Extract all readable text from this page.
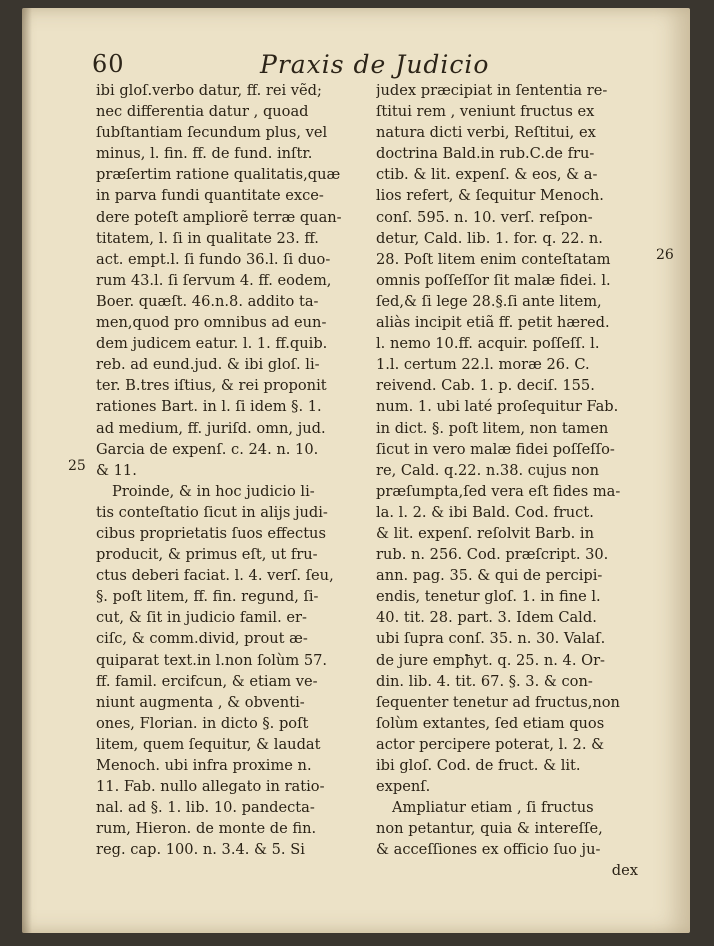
60	Praxis de Judicio
25
26
ibi gloſ.verbo datur, ff. rei vẽd;
nec differentia datur , quoad
ſubſtantiam ſecundum plus, vel
minus, l. fin. ff. de fund. inſtr.
præſertim ratione qualitatis,quæ
in parva fundi quantitate exce-
dere poteſt ampliorẽ terræ quan-
titatem, l. ſi in qualitate 23. ff.
act. empt.l. ſi fundo 36.l. ſi duo-
rum 43.l. ſi ſervum 4. ff. eodem,
Boer. quæſt. 46.n.8. addito ta-
men,quod pro omnibus ad eun-
dem judicem eatur. l. 1. ff.quib.
reb. ad eund.jud. & ibi gloſ. li-
ter. B.tres iſtius, & rei proponit
rationes Bart. in l. ſi idem §. 1.
ad medium, ff. juriſd. omn, jud.
Garcia de expenſ. c. 24. n. 10.
& 11.
Proinde, & in hoc judicio li-
tis conteſtatio ſicut in alijs judi-
cibus proprietatis ſuos effectus
producit, & primus eſt, ut fru-
ctus deberi faciat. l. 4. verſ. ſeu,
§. poſt litem, ff. fin. regund, ſi-
cut, & ſit in judicio famil. er-
ciſc, & comm.divid, prout æ-
quiparat text.in l.non ſolùm 57.
ff. famil. ercifcun, & etiam ve-
niunt augmenta , & obventi-
ones, Florian. in dicto §. poſt
litem, quem ſequitur, & laudat
Menoch. ubi infra proxime n.
11. Fab. nullo allegato in ratio-
nal. ad §. 1. lib. 10. pandecta-
rum, Hieron. de monte de fin.
reg. cap. 100. n. 3.4. & 5. Si
judex præcipiat in ſententia re-
ſtitui rem , veniunt fructus ex
natura dicti verbi, Reſtitui, ex
doctrina Bald.in rub.C.de fru-
ctib. & lit. expenſ. & eos, & a-
lios refert, & ſequitur Menoch.
conſ. 595. n. 10. verſ. reſpon-
detur, Cald. lib. 1. for. q. 22. n.
28. Poſt litem enim conteſtatam
omnis poſſeſſor ſit malæ fidei. l.
ſed,& ſi lege 28.§.ſi ante litem,
aliàs incipit etiã ff. petit hæred.
l. nemo 10.ff. acquir. poſſeſſ. l.
1.l. certum 22.l. moræ 26. C.
reivend. Cab. 1. p. deciſ. 155.
num. 1. ubi laté proſequitur Fab.
in dict. §. poſt litem, non tamen
ſicut in vero malæ fidei poſſeſſo-
re, Cald. q.22. n.38. cujus non
præſumpta,ſed vera eſt fides ma-
la. l. 2. & ibi Bald. Cod. fruct.
& lit. expenſ. reſolvit Barb. in
rub. n. 256. Cod. præſcript. 30.
ann. pag. 35. & qui de percipi-
endis, tenetur gloſ. 1. in fine l.
40. tit. 28. part. 3. Idem Cald.
ubi ſupra conſ. 35. n. 30. Valaſ.
de jure empħyt. q. 25. n. 4. Or-
din. lib. 4. tit. 67. §. 3. & con-
ſequenter tenetur ad fructus,non
ſolùm extantes, ſed etiam quos
actor percipere poterat, l. 2. &
ibi gloſ. Cod. de fruct. & lit.
expenſ.
Ampliatur etiam , ſi fructus
non petantur, quia & intereſſe,
& acceſſiones ex officio ſuo ju-
dex
